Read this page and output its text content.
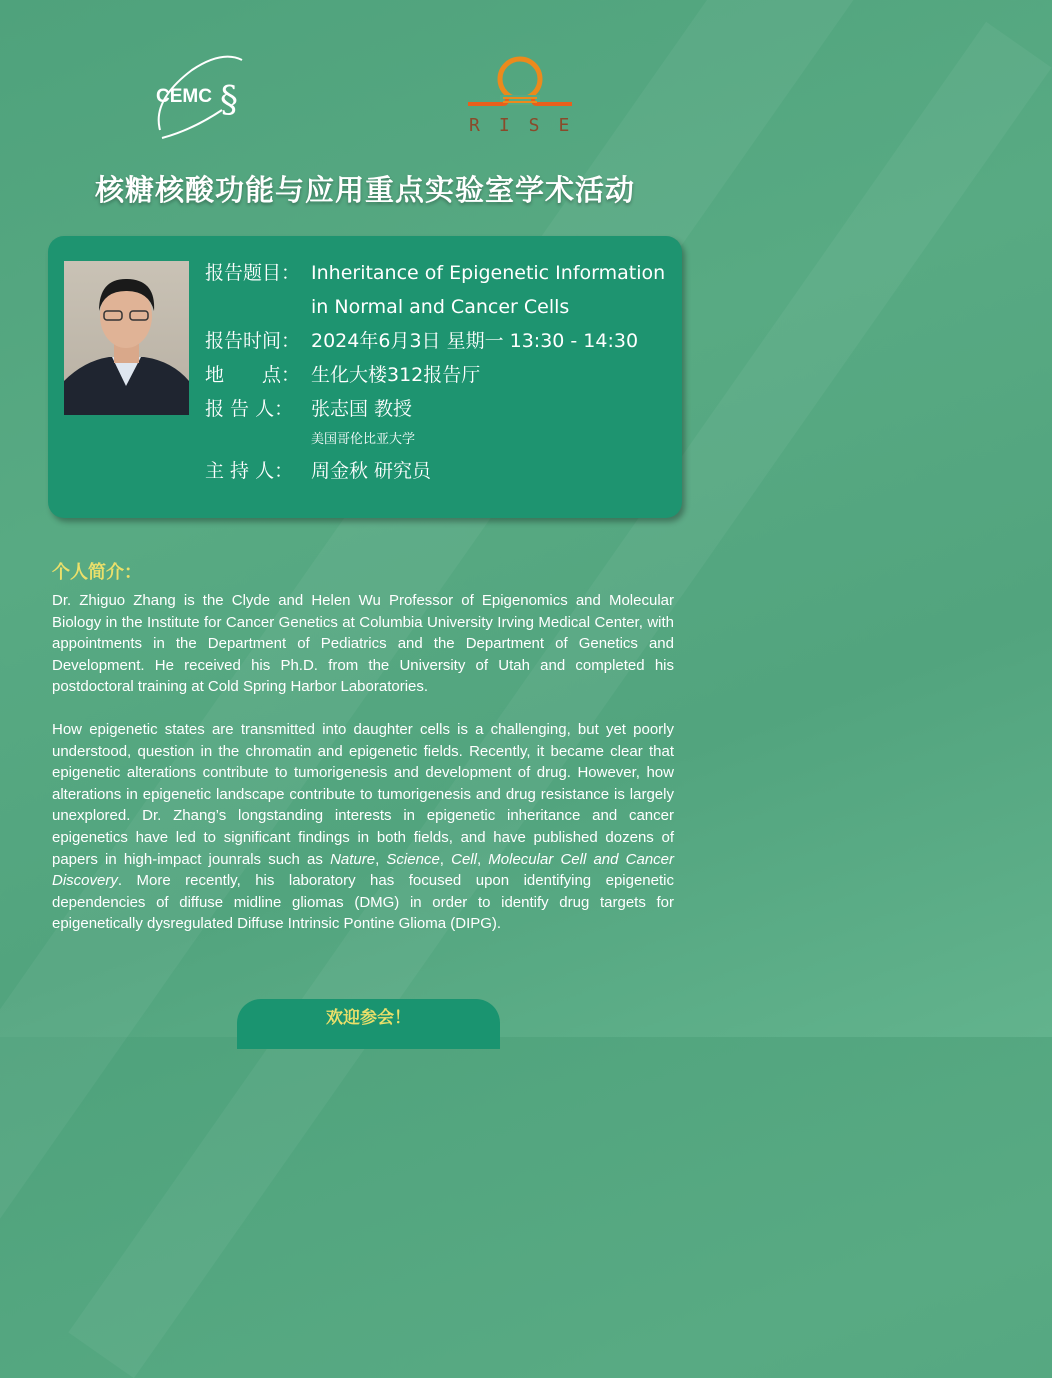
CEMC §
RISE
核糖核酸功能与应用重点实验室学术活动
报告题目： Inheritance of Epigenetic Information in Normal and Cancer Cells
报告时间： 2024年6月3日 星期一 13:30 - 14:30
地　　点： 生化大楼312报告厅
报 告 人： 张志国 教授
美国哥伦比亚大学
主 持 人： 周金秋 研究员
个人简介：
Dr. Zhiguo Zhang is the Clyde and Helen Wu Professor of Epigenomics and Molecular Biology in the Institute for Cancer Genetics at Columbia University Irving Medical Center, with appointments in the Department of Pediatrics and the Department of Genetics and Development. He received his Ph.D. from the University of Utah and completed his postdoctoral training at Cold Spring Harbor Laboratories.
How epigenetic states are transmitted into daughter cells is a challenging, but yet poorly understood, question in the chromatin and epigenetic fields. Recently, it became clear that epigenetic alterations contribute to tumorigenesis and development of drug. However, how alterations in epigenetic landscape contribute to tumorigenesis and drug resistance is largely unexplored. Dr. Zhang’s longstanding interests in epigenetic inheritance and cancer epigenetics have led to significant findings in both fields, and have published dozens of papers in high-impact jounrals such as Nature, Science, Cell, Molecular Cell and Cancer Discovery. More recently, his laboratory has focused upon identifying epigenetic dependencies of diffuse midline gliomas (DMG) in order to identify drug targets for epigenetically dysregulated Diffuse Intrinsic Pontine Glioma (DIPG).
欢迎参会！
